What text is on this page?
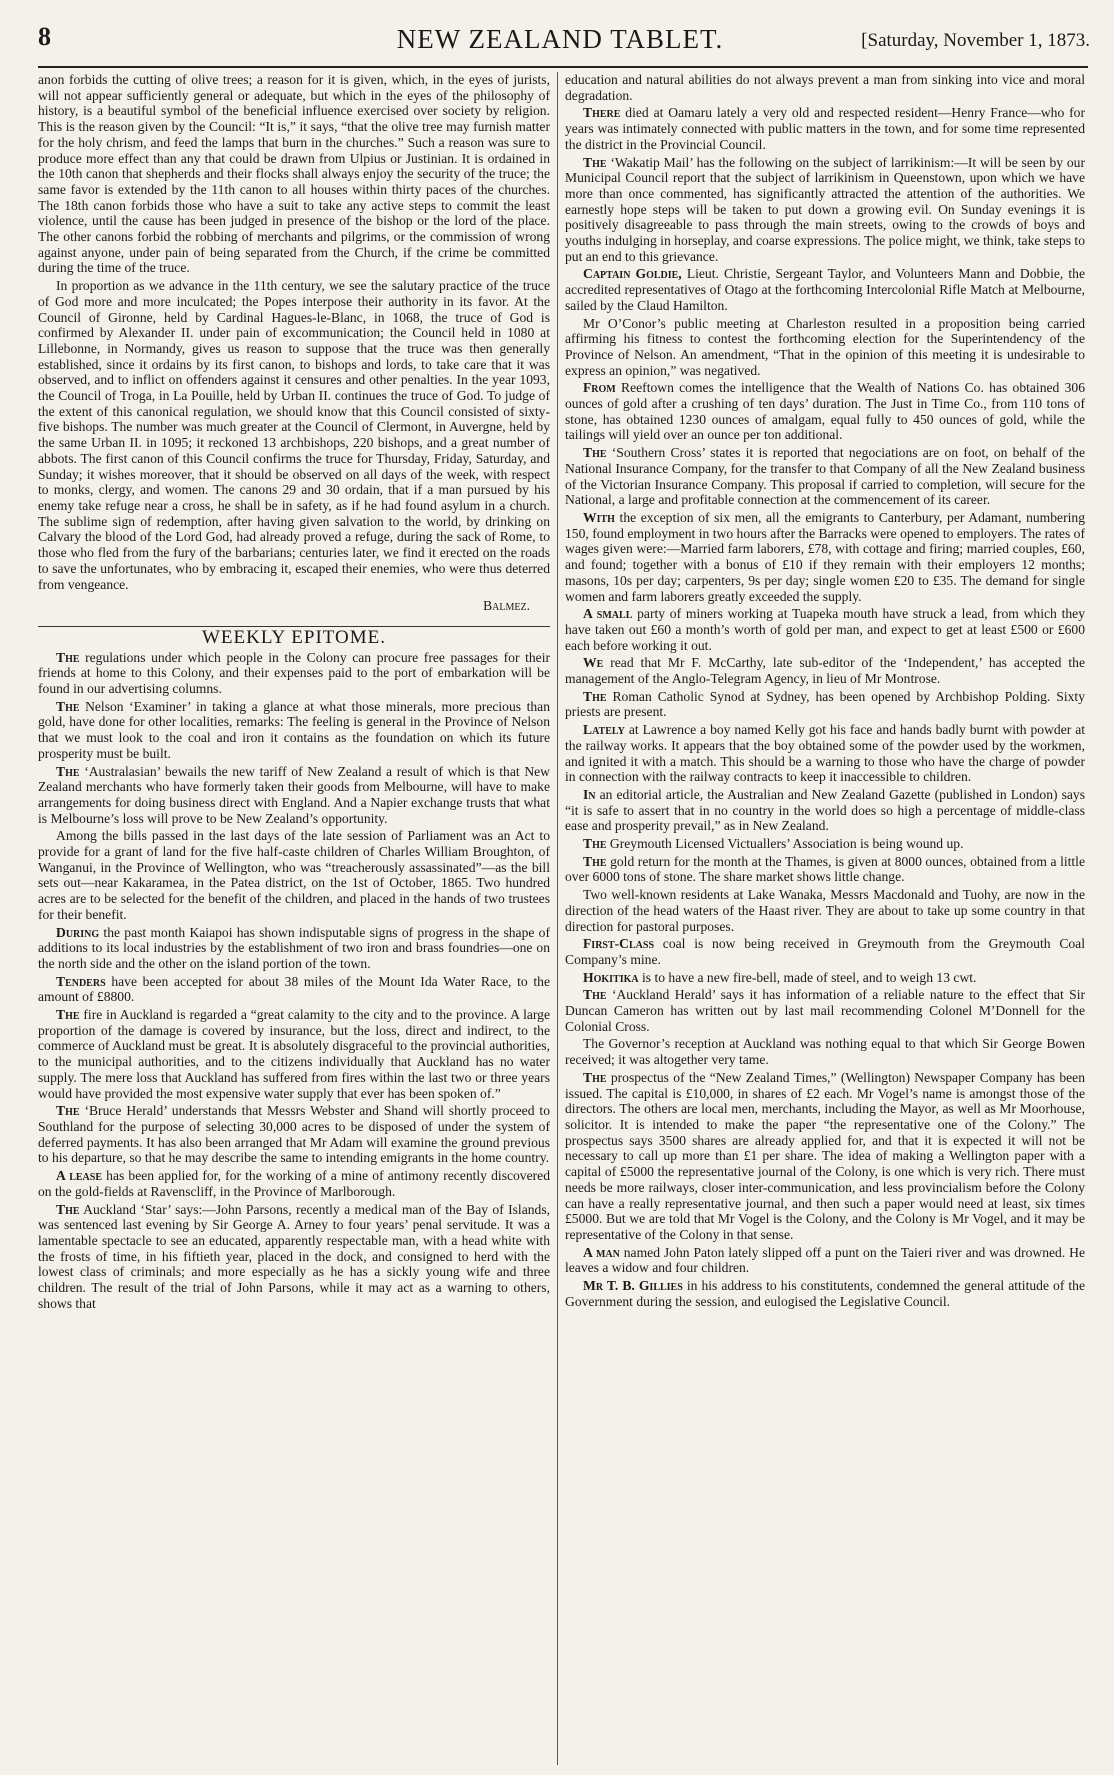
8	NEW ZEALAND TABLET.	[Saturday, November 1, 1873.

anon forbids the cutting of olive trees; a reason for it is given, which, in the eyes of jurists, will not appear sufficiently general or adequate, but which in the eyes of the philosophy of history, is a beautiful symbol of the beneficial influence exercised over society by religion. This is the reason given by the Council: “It is,” it says, “that the olive tree may furnish matter for the holy chrism, and feed the lamps that burn in the churches.” Such a reason was sure to produce more effect than any that could be drawn from Ulpius or Justinian. It is ordained in the 10th canon that shepherds and their flocks shall always enjoy the security of the truce; the same favor is extended by the 11th canon to all houses within thirty paces of the churches. The 18th canon forbids those who have a suit to take any active steps to commit the least violence, until the cause has been judged in presence of the bishop or the lord of the place. The other canons forbid the robbing of merchants and pilgrims, or the commission of wrong against anyone, under pain of being separated from the Church, if the crime be committed during the time of the truce.

In proportion as we advance in the 11th century, we see the salutary practice of the truce of God more and more inculcated; the Popes interpose their authority in its favor. At the Council of Gironne, held by Cardinal Hagues-le-Blanc, in 1068, the truce of God is confirmed by Alexander II. under pain of excommunication; the Council held in 1080 at Lillebonne, in Normandy, gives us reason to suppose that the truce was then generally established, since it ordains by its first canon, to bishops and lords, to take care that it was observed, and to inflict on offenders against it censures and other penalties. In the year 1093, the Council of Troga, in La Pouille, held by Urban II. continues the truce of God. To judge of the extent of this canonical regulation, we should know that this Council consisted of sixty-five bishops. The number was much greater at the Council of Clermont, in Auvergne, held by the same Urban II. in 1095; it reckoned 13 archbishops, 220 bishops, and a great number of abbots. The first canon of this Council confirms the truce for Thursday, Friday, Saturday, and Sunday; it wishes moreover, that it should be observed on all days of the week, with respect to monks, clergy, and women. The canons 29 and 30 ordain, that if a man pursued by his enemy take refuge near a cross, he shall be in safety, as if he had found asylum in a church. The sublime sign of redemption, after having given salvation to the world, by drinking on Calvary the blood of the Lord God, had already proved a refuge, during the sack of Rome, to those who fled from the fury of the barbarians; centuries later, we find it erected on the roads to save the unfortunates, who by embracing it, escaped their enemies, who were thus deterred from vengeance.

Balmez.

WEEKLY EPITOME.

The regulations under which people in the Colony can procure free passages for their friends at home to this Colony, and their expenses paid to the port of embarkation will be found in our advertising columns.

The Nelson ‘Examiner’ in taking a glance at what those minerals, more precious than gold, have done for other localities, remarks: The feeling is general in the Province of Nelson that we must look to the coal and iron it contains as the foundation on which its future prosperity must be built.

The ‘Australasian’ bewails the new tariff of New Zealand a result of which is that New Zealand merchants who have formerly taken their goods from Melbourne, will have to make arrangements for doing business direct with England. And a Napier exchange trusts that what is Melbourne’s loss will prove to be New Zealand’s opportunity.

Among the bills passed in the last days of the late session of Parliament was an Act to provide for a grant of land for the five half-caste children of Charles William Broughton, of Wanganui, in the Province of Wellington, who was “treacherously assassinated”—as the bill sets out—near Kakaramea, in the Patea district, on the 1st of October, 1865. Two hundred acres are to be selected for the benefit of the children, and placed in the hands of two trustees for their benefit.

During the past month Kaiapoi has shown indisputable signs of progress in the shape of additions to its local industries by the establishment of two iron and brass foundries—one on the north side and the other on the island portion of the town.

Tenders have been accepted for about 38 miles of the Mount Ida Water Race, to the amount of £8800.

The fire in Auckland is regarded a “great calamity to the city and to the province. A large proportion of the damage is covered by insurance, but the loss, direct and indirect, to the commerce of Auckland must be great. It is absolutely disgraceful to the provincial authorities, to the municipal authorities, and to the citizens individually that Auckland has no water supply. The mere loss that Auckland has suffered from fires within the last two or three years would have provided the most expensive water supply that ever has been spoken of.”

The ‘Bruce Herald’ understands that Messrs Webster and Shand will shortly proceed to Southland for the purpose of selecting 30,000 acres to be disposed of under the system of deferred payments. It has also been arranged that Mr Adam will examine the ground previous to his departure, so that he may describe the same to intending emigrants in the home country.

A lease has been applied for, for the working of a mine of antimony recently discovered on the gold-fields at Ravenscliff, in the Province of Marlborough.

The Auckland ‘Star’ says:—John Parsons, recently a medical man of the Bay of Islands, was sentenced last evening by Sir George A. Arney to four years’ penal servitude. It was a lamentable spectacle to see an educated, apparently respectable man, with a head white with the frosts of time, in his fiftieth year, placed in the dock, and consigned to herd with the lowest class of criminals; and more especially as he has a sickly young wife and three children. The result of the trial of John Parsons, while it may act as a warning to others, shows that

education and natural abilities do not always prevent a man from sinking into vice and moral degradation.

There died at Oamaru lately a very old and respected resident—Henry France—who for years was intimately connected with public matters in the town, and for some time represented the district in the Provincial Council.

The ‘Wakatip Mail’ has the following on the subject of larrikinism:—It will be seen by our Municipal Council report that the subject of larrikinism in Queenstown, upon which we have more than once commented, has significantly attracted the attention of the authorities. We earnestly hope steps will be taken to put down a growing evil. On Sunday evenings it is positively disagreeable to pass through the main streets, owing to the crowds of boys and youths indulging in horseplay, and coarse expressions. The police might, we think, take steps to put an end to this grievance.

Captain Goldie, Lieut. Christie, Sergeant Taylor, and Volunteers Mann and Dobbie, the accredited representatives of Otago at the forthcoming Intercolonial Rifle Match at Melbourne, sailed by the Claud Hamilton.

Mr O’Conor’s public meeting at Charleston resulted in a proposition being carried affirming his fitness to contest the forthcoming election for the Superintendency of the Province of Nelson. An amendment, “That in the opinion of this meeting it is undesirable to express an opinion,” was negatived.

From Reeftown comes the intelligence that the Wealth of Nations Co. has obtained 306 ounces of gold after a crushing of ten days’ duration. The Just in Time Co., from 110 tons of stone, has obtained 1230 ounces of amalgam, equal fully to 450 ounces of gold, while the tailings will yield over an ounce per ton additional.

The ‘Southern Cross’ states it is reported that negociations are on foot, on behalf of the National Insurance Company, for the transfer to that Company of all the New Zealand business of the Victorian Insurance Company. This proposal if carried to completion, will secure for the National, a large and profitable connection at the commencement of its career.

With the exception of six men, all the emigrants to Canterbury, per Adamant, numbering 150, found employment in two hours after the Barracks were opened to employers. The rates of wages given were:—Married farm laborers, £78, with cottage and firing; married couples, £60, and found; together with a bonus of £10 if they remain with their employers 12 months; masons, 10s per day; carpenters, 9s per day; single women £20 to £35. The demand for single women and farm laborers greatly exceeded the supply.

A small party of miners working at Tuapeka mouth have struck a lead, from which they have taken out £60 a month’s worth of gold per man, and expect to get at least £500 or £600 each before working it out.

We read that Mr F. McCarthy, late sub-editor of the ‘Independent,’ has accepted the management of the Anglo-Telegram Agency, in lieu of Mr Montrose.

The Roman Catholic Synod at Sydney, has been opened by Archbishop Polding. Sixty priests are present.

Lately at Lawrence a boy named Kelly got his face and hands badly burnt with powder at the railway works. It appears that the boy obtained some of the powder used by the workmen, and ignited it with a match. This should be a warning to those who have the charge of powder in connection with the railway contracts to keep it inaccessible to children.

In an editorial article, the Australian and New Zealand Gazette (published in London) says “it is safe to assert that in no country in the world does so high a percentage of middle-class ease and prosperity prevail,” as in New Zealand.

The Greymouth Licensed Victuallers’ Association is being wound up.

The gold return for the month at the Thames, is given at 8000 ounces, obtained from a little over 6000 tons of stone. The share market shows little change.

Two well-known residents at Lake Wanaka, Messrs Macdonald and Tuohy, are now in the direction of the head waters of the Haast river. They are about to take up some country in that direction for pastoral purposes.

First-Class coal is now being received in Greymouth from the Greymouth Coal Company’s mine.

Hokitika is to have a new fire-bell, made of steel, and to weigh 13 cwt.

The ‘Auckland Herald’ says it has information of a reliable nature to the effect that Sir Duncan Cameron has written out by last mail recommending Colonel M’Donnell for the Colonial Cross.

The Governor’s reception at Auckland was nothing equal to that which Sir George Bowen received; it was altogether very tame.

The prospectus of the “New Zealand Times,” (Wellington) Newspaper Company has been issued. The capital is £10,000, in shares of £2 each. Mr Vogel’s name is amongst those of the directors. The others are local men, merchants, including the Mayor, as well as Mr Moorhouse, solicitor. It is intended to make the paper “the representative one of the Colony.” The prospectus says 3500 shares are already applied for, and that it is expected it will not be necessary to call up more than £1 per share. The idea of making a Wellington paper with a capital of £5000 the representative journal of the Colony, is one which is very rich. There must needs be more railways, closer inter-communication, and less provincialism before the Colony can have a really representative journal, and then such a paper would need at least, six times £5000. But we are told that Mr Vogel is the Colony, and the Colony is Mr Vogel, and it may be representative of the Colony in that sense.

A man named John Paton lately slipped off a punt on the Taieri river and was drowned. He leaves a widow and four children.

Mr T. B. Gillies in his address to his constitutents, condemned the general attitude of the Government during the session, and eulogised the Legislative Council.
